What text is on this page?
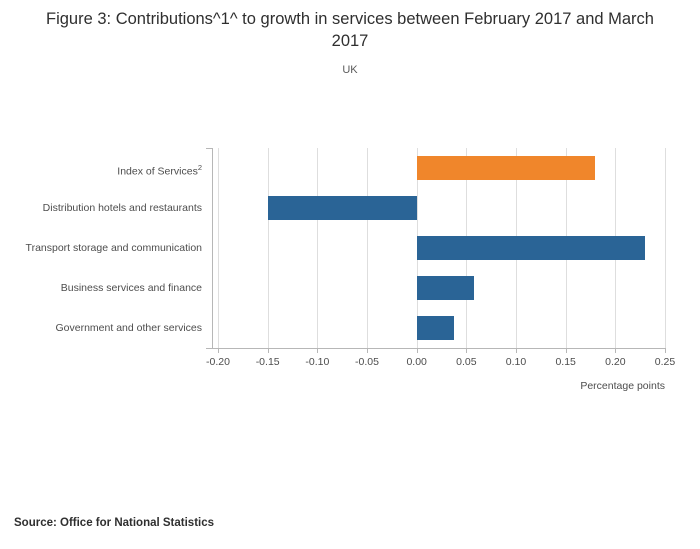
Figure 3: Contributions^1^ to growth in services between February 2017 and March 2017
UK
Index of Services$^2$
Distribution hotels and restaurants
Transport storage and communication
Business services and finance
Government and other services
Percentage points
-0.20	-0.15	-0.10	-0.05	0.00	0.05	0.10	0.15	0.20	0.25
Source: Office for National Statistics
